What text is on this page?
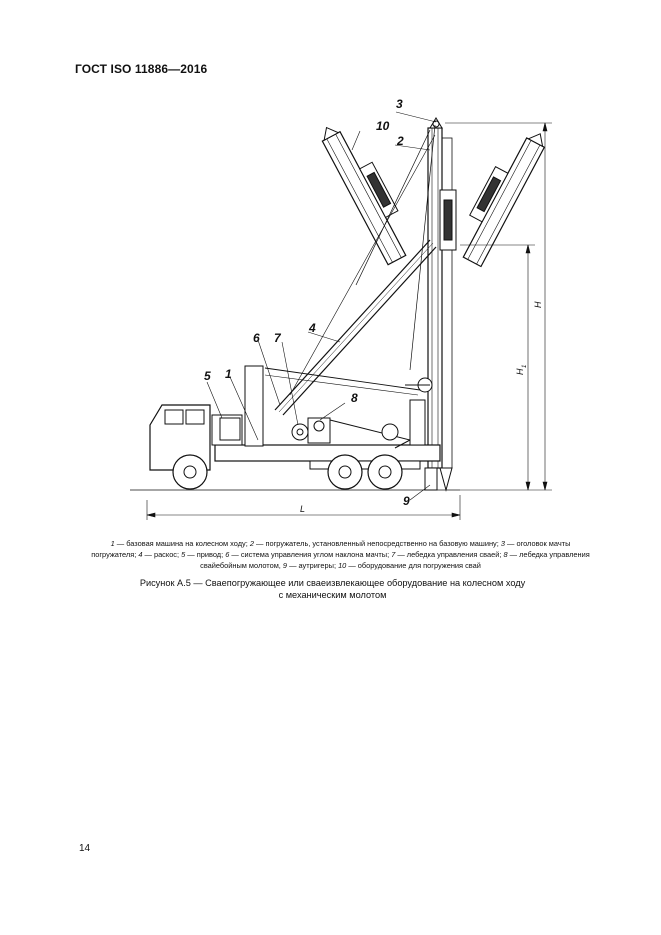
ГОСТ ISO 11886—2016
1
2
3
4
5
6 7
8
9
10
L
H
H
1
1 — базовая машина на колесном ходу; 2 — погружатель, установленный непосредственно на базовую машину; 3 — оголовок мачты погружателя; 4 — раскос; 5 — привод; 6 — система управления углом наклона мачты; 7 — лебедка управления сваей; 8 — лебедка управления свайебойным молотом, 9 — аутригеры; 10 — оборудование для погружения свай
Рисунок А.5 — Сваепогружающее или сваеизвлекающее оборудование на колесном ходу
с механическим молотом
14
